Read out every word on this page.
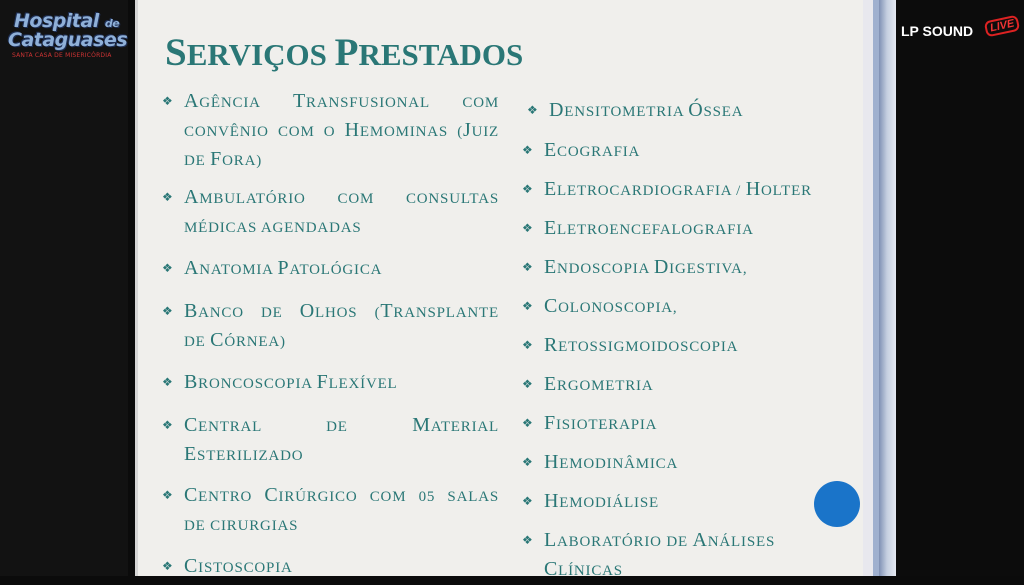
Hospital de
Cataguases
SANTA CASA DE MISERICÓRDIA
LP SOUND	LIVE
SERVIÇOS PRESTADOS
❖ AGÊNCIA TRANSFUSIONAL COM
CONVÊNIO COM O HEMOMINAS (JUIZ
DE FORA)
❖ AMBULATÓRIO COM CONSULTAS
MÉDICAS AGENDADAS
❖ ANATOMIA PATOLÓGICA
❖ BANCO DE OLHOS (TRANSPLANTE
DE CÓRNEA)
❖ BRONCOSCOPIA FLEXÍVEL
❖ CENTRAL	DE	MATERIAL
ESTERILIZADO
❖ CENTRO CIRÚRGICO COM 05 SALAS
DE CIRURGIAS
❖ CISTOSCOPIA
❖ DENSITOMETRIA ÓSSEA
❖ ECOGRAFIA
❖ ELETROCARDIOGRAFIA / HOLTER
❖ ELETROENCEFALOGRAFIA
❖ ENDOSCOPIA DIGESTIVA,
❖ COLONOSCOPIA,
❖ RETOSSIGMOIDOSCOPIA
❖ ERGOMETRIA
❖ FISIOTERAPIA
❖ HEMODINÂMICA
❖ HEMODIÁLISE
❖ LABORATÓRIO DE ANÁLISES
CLÍNICAS
